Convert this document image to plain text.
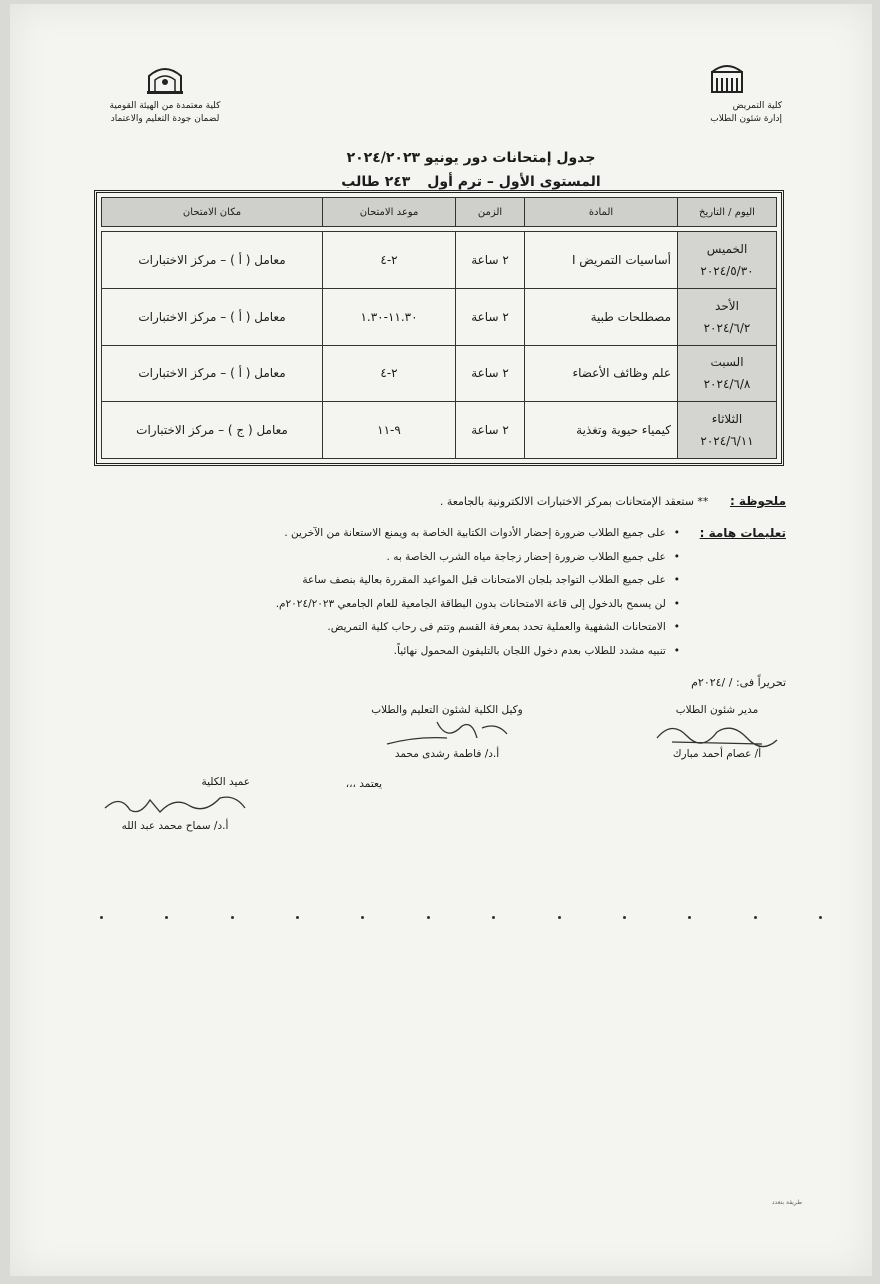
كلية معتمدة من الهيئة القومية
لضمان جودة التعليم والاعتماد
كلية التمريض
إدارة شئون الطلاب
جدول إمتحانات دور يونيو ٢٠٢٤/٢٠٢٣
المستوى الأول – ترم أول ٢٤٣ طالب
اليوم / التاريخ	المادة	الزمن	موعد الامتحان	مكان الامتحان

الخميس
٢٠٢٤/٥/٣٠	أساسيات التمريض I	٢ ساعة	٢-٤	معامل ( أ ) – مركز الاختبارات
الأحد
٢٠٢٤/٦/٢	مصطلحات طبية	٢ ساعة	١١.٣٠-١.٣٠	معامل ( أ ) – مركز الاختبارات
السبت
٢٠٢٤/٦/٨	علم وظائف الأعضاء	٢ ساعة	٢-٤	معامل ( أ ) – مركز الاختبارات
الثلاثاء
٢٠٢٤/٦/١١	كيمياء حيوية وتغذية	٢ ساعة	٩-١١	معامل ( ج ) – مركز الاختبارات
ملحوظة : ** ستعقد الإمتحانات بمركز الاختبارات الالكترونية بالجامعة .
تعليمات هامة :
• على جميع الطلاب ضرورة إحضار الأدوات الكتابية الخاصة به ويمنع الاستعانة من الآخرين .
• على جميع الطلاب ضرورة إحضار زجاجة مياه الشرب الخاصة به .
• على جميع الطلاب التواجد بلجان الامتحانات قبل المواعيد المقررة بعالية بنصف ساعة
• لن يسمح بالدخول إلى قاعة الامتحانات بدون البطاقة الجامعية للعام الجامعي ٢٠٢٤/٢٠٢٣م.
• الامتحانات الشفهية والعملية تحدد بمعرفة القسم وتتم فى رحاب كلية التمريض.
• تنبيه مشدد للطلاب بعدم دخول اللجان بالتليفون المحمول نهائياً.
تحريراً فى: / /٢٠٢٤م
مدير شئون الطلاب
أ/ عصام أحمد مبارك
وكيل الكلية لشئون التعليم والطلاب
أ.د/ فاطمة رشدى محمد
يعتمد ،،،
عميد الكلية
أ.د/ سماح محمد عبد الله
طريقة بتعدد
